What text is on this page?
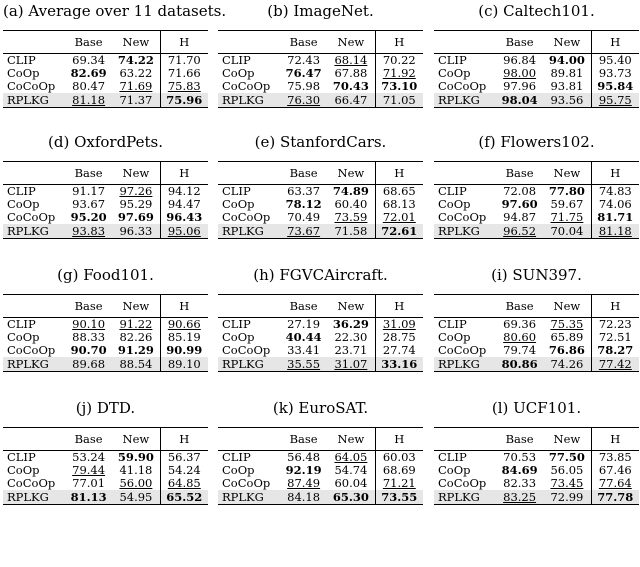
(a) Average over 11 datasets.
	Base	New	H
CLIP	69.34	74.22	71.70
CoOp	82.69	63.22	71.66
CoCoOp	80.47	71.69	75.83
RPLKG	81.18	71.37	75.96
(b) ImageNet.
	Base	New	H
CLIP	72.43	68.14	70.22
CoOp	76.47	67.88	71.92
CoCoOp	75.98	70.43	73.10
RPLKG	76.30	66.47	71.05
(c) Caltech101.
	Base	New	H
CLIP	96.84	94.00	95.40
CoOp	98.00	89.81	93.73
CoCoOp	97.96	93.81	95.84
RPLKG	98.04	93.56	95.75
(d) OxfordPets.
	Base	New	H
CLIP	91.17	97.26	94.12
CoOp	93.67	95.29	94.47
CoCoOp	95.20	97.69	96.43
RPLKG	93.83	96.33	95.06
(e) StanfordCars.
	Base	New	H
CLIP	63.37	74.89	68.65
CoOp	78.12	60.40	68.13
CoCoOp	70.49	73.59	72.01
RPLKG	73.67	71.58	72.61
(f) Flowers102.
	Base	New	H
CLIP	72.08	77.80	74.83
CoOp	97.60	59.67	74.06
CoCoOp	94.87	71.75	81.71
RPLKG	96.52	70.04	81.18
(g) Food101.
	Base	New	H
CLIP	90.10	91.22	90.66
CoOp	88.33	82.26	85.19
CoCoOp	90.70	91.29	90.99
RPLKG	89.68	88.54	89.10
(h) FGVCAircraft.
	Base	New	H
CLIP	27.19	36.29	31.09
CoOp	40.44	22.30	28.75
CoCoOp	33.41	23.71	27.74
RPLKG	35.55	31.07	33.16
(i) SUN397.
	Base	New	H
CLIP	69.36	75.35	72.23
CoOp	80.60	65.89	72.51
CoCoOp	79.74	76.86	78.27
RPLKG	80.86	74.26	77.42
(j) DTD.
	Base	New	H
CLIP	53.24	59.90	56.37
CoOp	79.44	41.18	54.24
CoCoOp	77.01	56.00	64.85
RPLKG	81.13	54.95	65.52
(k) EuroSAT.
	Base	New	H
CLIP	56.48	64.05	60.03
CoOp	92.19	54.74	68.69
CoCoOp	87.49	60.04	71.21
RPLKG	84.18	65.30	73.55
(l) UCF101.
	Base	New	H
CLIP	70.53	77.50	73.85
CoOp	84.69	56.05	67.46
CoCoOp	82.33	73.45	77.64
RPLKG	83.25	72.99	77.78
